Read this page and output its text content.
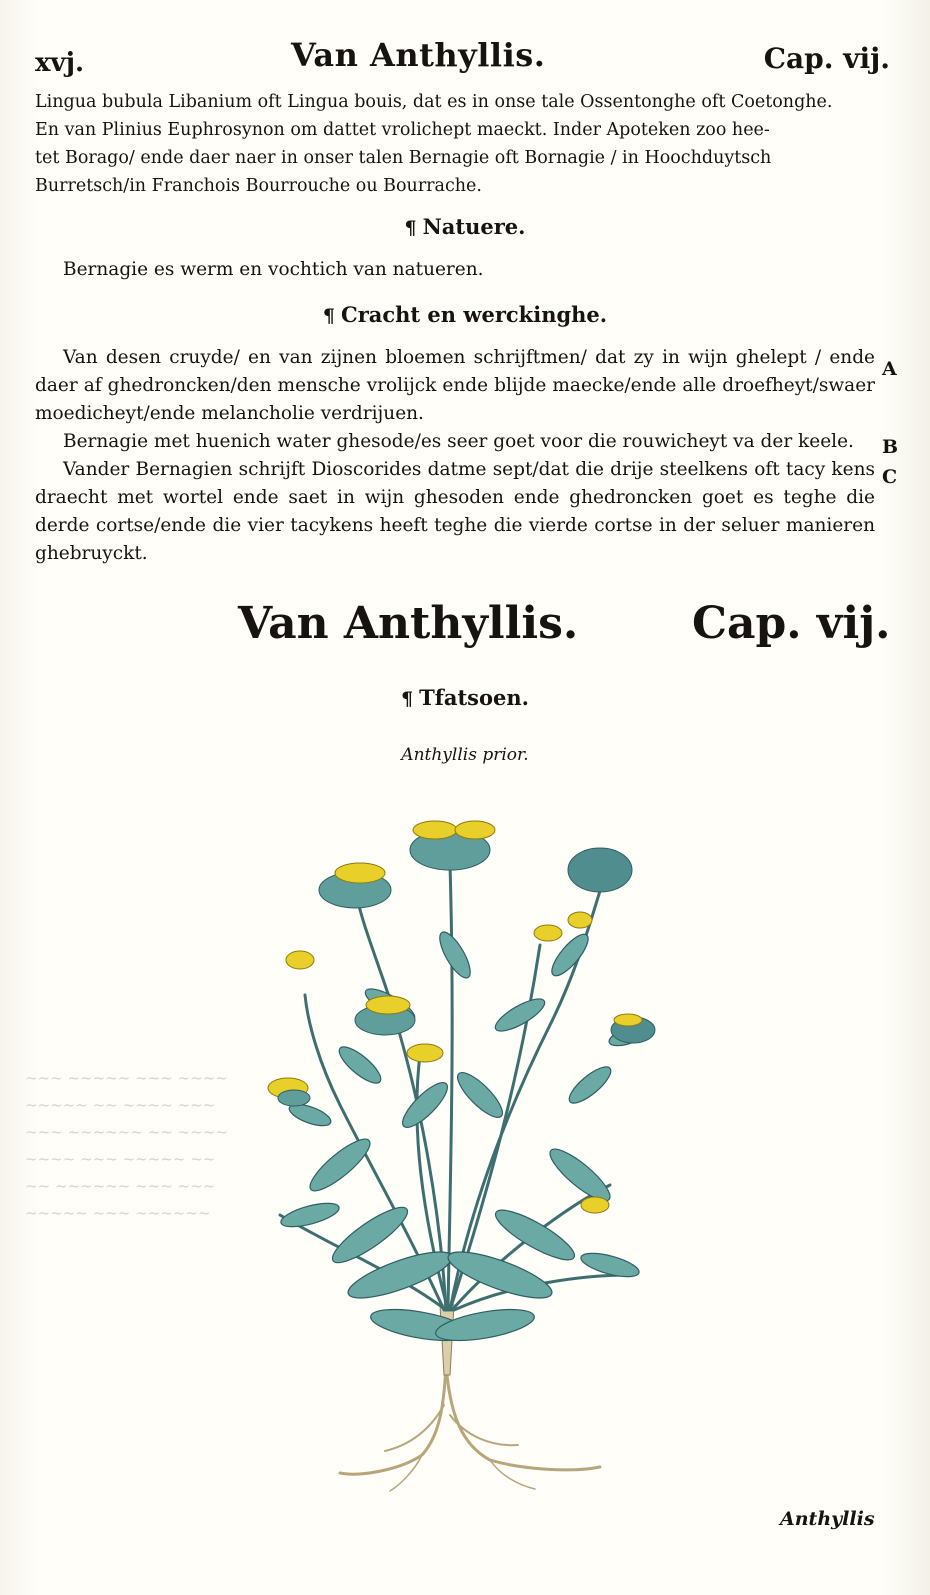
~~~ ~~~~~ ~~~ ~~~~
~~~~~ ~~ ~~~~ ~~~
~~~ ~~~~~~ ~~ ~~~~
~~~~ ~~~ ~~~~~ ~~
~~ ~~~~~~ ~~~ ~~~
~~~~~ ~~~ ~~~~~~
xvj.	Van Anthyllis.	Cap. vij.
Lingua bubula Libanium oft Lingua bouis, dat es in onse tale Ossentonghe oft Coetonghe.
En van Plinius Euphrosynon om dattet vrolichept maeckt. Inder Apoteken zoo hee-
tet Borago/ ende daer naer in onser talen Bernagie oft Bornagie / in Hoochduytsch
Burretsch/in Franchois Bourrouche ou Bourrache.
¶ Natuere.

Bernagie es werm en vochtich van natueren.

¶ Cracht en werckinghe.

Van desen cruyde/ en van zijnen bloemen schrijftmen/ dat zy in wijn ghelept / ende daer af ghedroncken/den mensche vrolijck ende blijde maecke/ende alle droefheyt/swaer moedicheyt/ende melancholie verdrijuen.

Bernagie met huenich water ghesode/es seer goet voor die rouwicheyt va der keele.

Vander Bernagien schrijft Dioscorides datme sept/dat die drije steelkens oft tacy kens draecht met wortel ende saet in wijn ghesoden ende ghedroncken goet es teghe die derde cortse/ende die vier tacykens heeft teghe die vierde cortse in der seluer manieren ghebruyckt.

A
B
C
Van Anthyllis.	Cap. vij.
¶ Tfatsoen.
Anthyllis prior.
Anthyllis
